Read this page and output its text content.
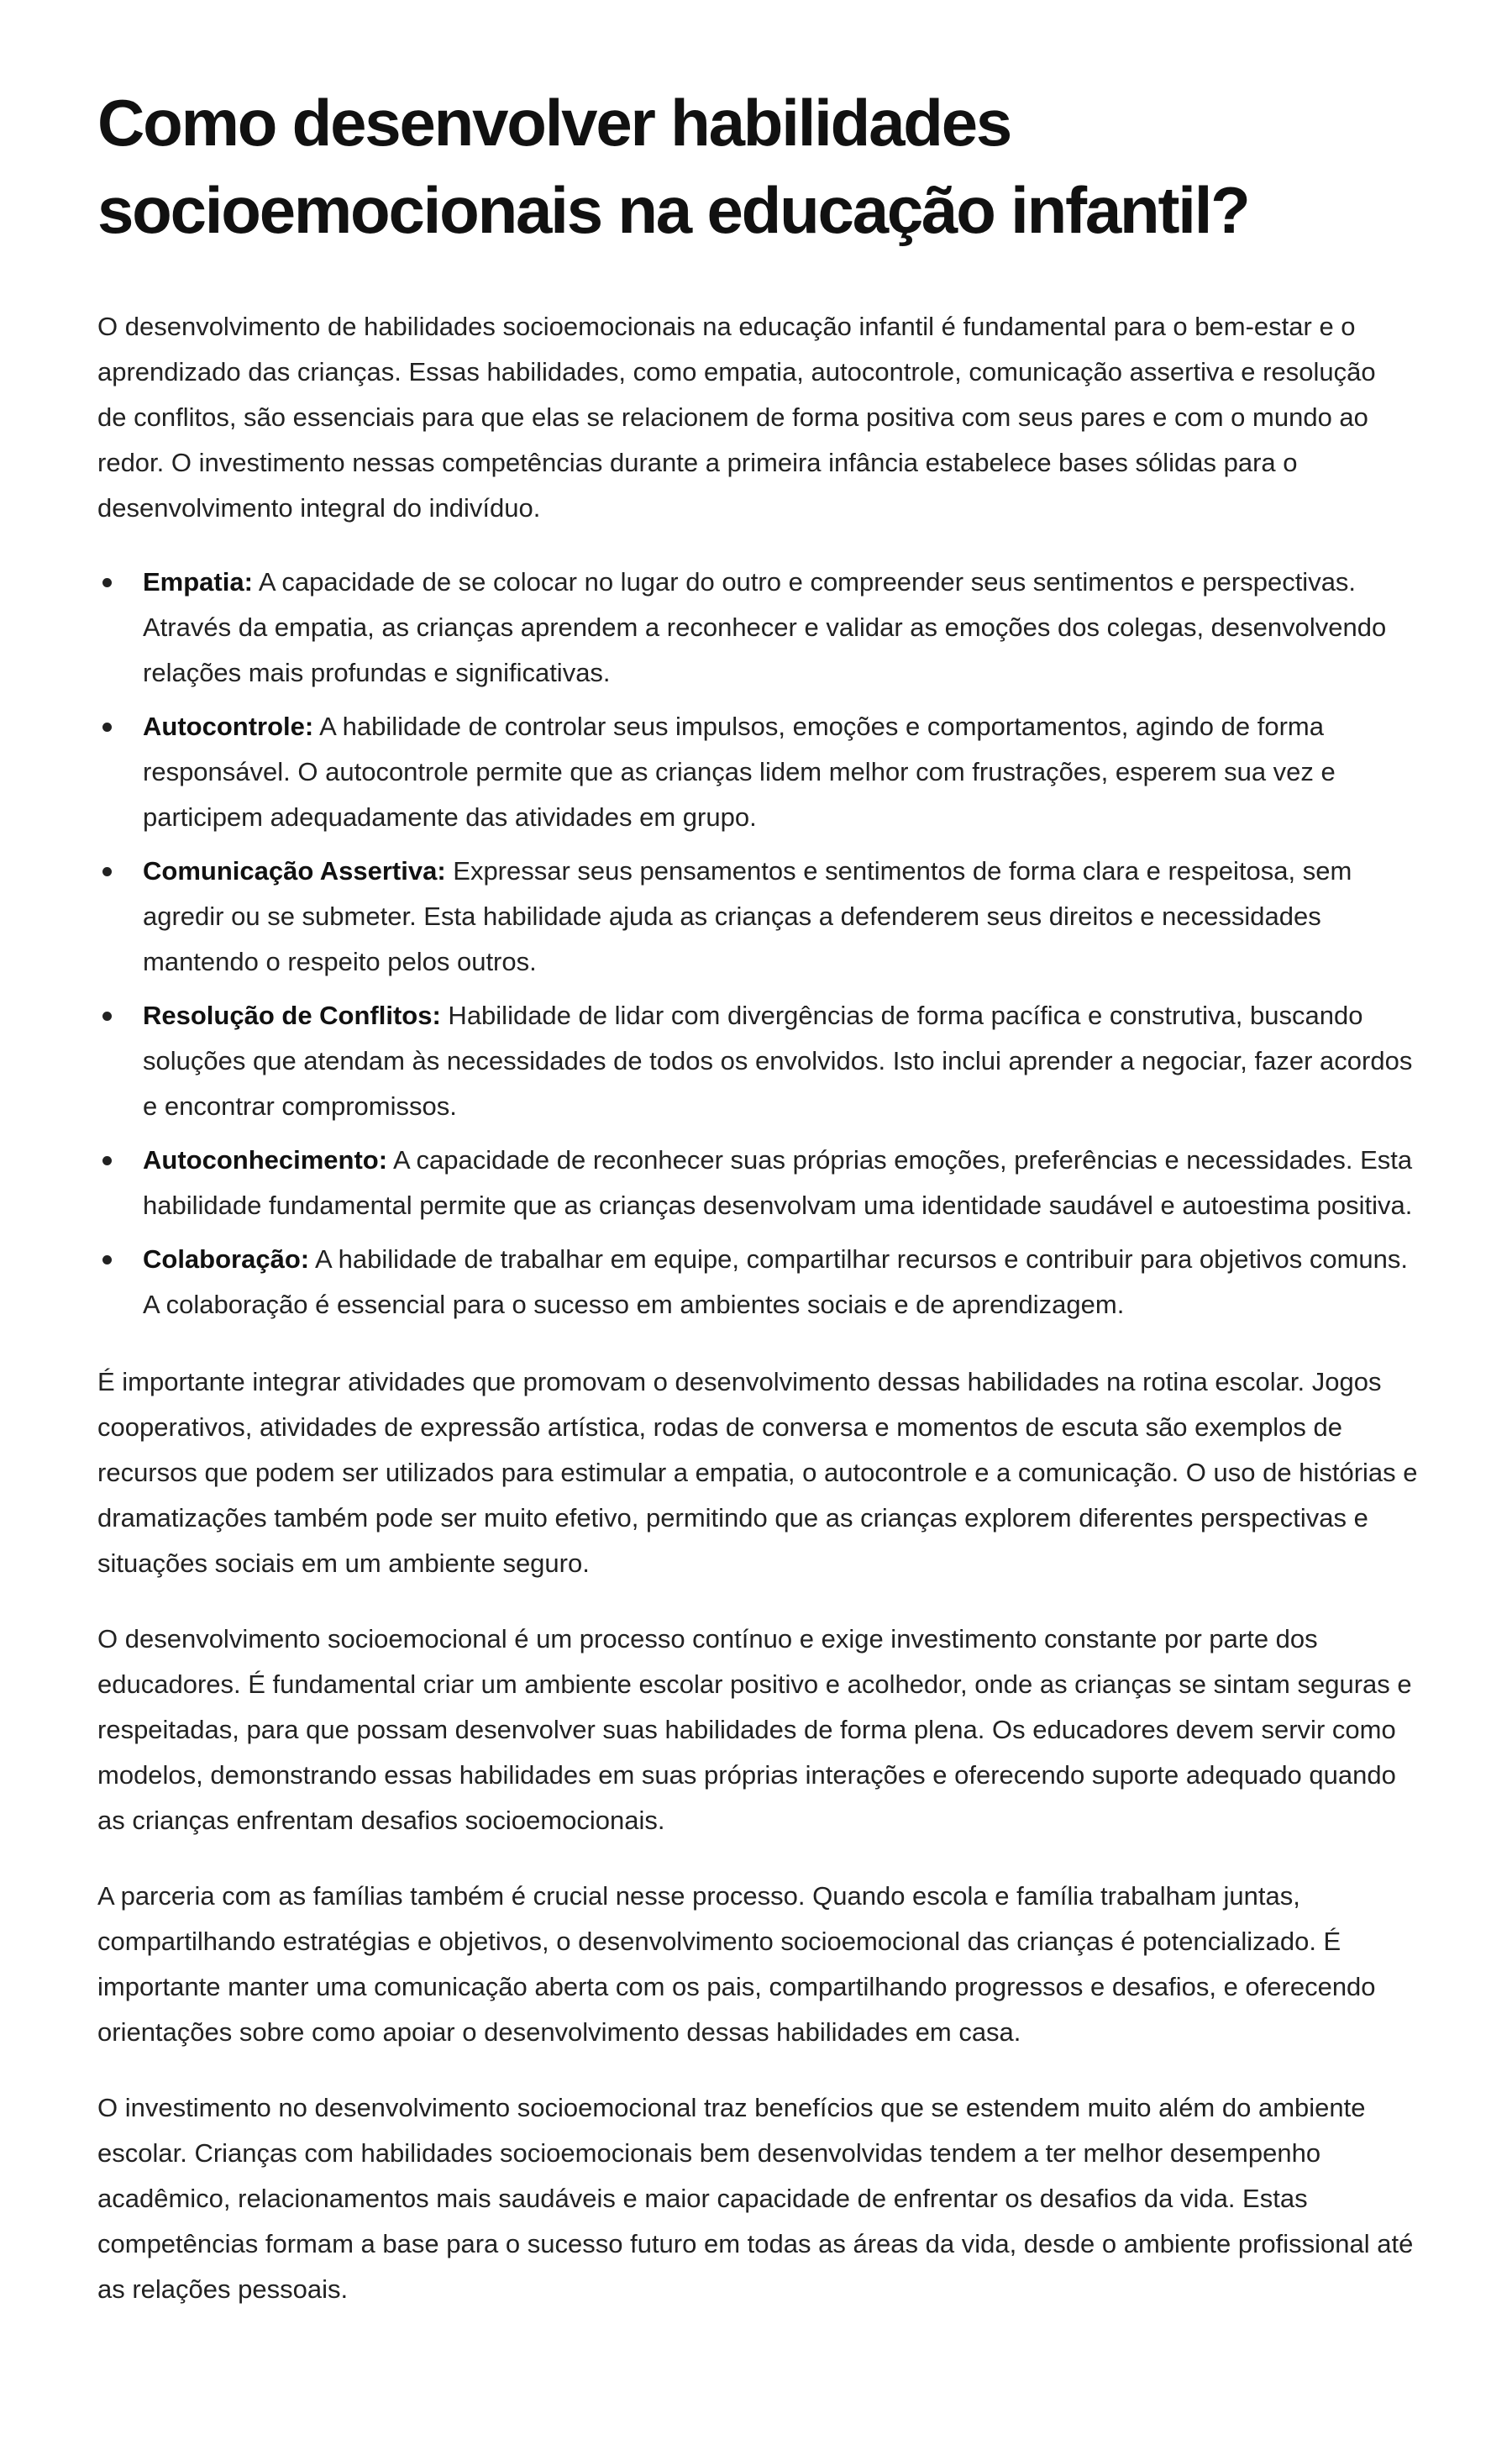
Como desenvolver habilidades socioemocionais na educação infantil?

O desenvolvimento de habilidades socioemocionais na educação infantil é fundamental para o bem-estar e o aprendizado das crianças. Essas habilidades, como empatia, autocontrole, comunicação assertiva e resolução de conflitos, são essenciais para que elas se relacionem de forma positiva com seus pares e com o mundo ao redor. O investimento nessas competências durante a primeira infância estabelece bases sólidas para o desenvolvimento integral do indivíduo.

Empatia: A capacidade de se colocar no lugar do outro e compreender seus sentimentos e perspectivas. Através da empatia, as crianças aprendem a reconhecer e validar as emoções dos colegas, desenvolvendo relações mais profundas e significativas.
Autocontrole: A habilidade de controlar seus impulsos, emoções e comportamentos, agindo de forma responsável. O autocontrole permite que as crianças lidem melhor com frustrações, esperem sua vez e participem adequadamente das atividades em grupo.
Comunicação Assertiva: Expressar seus pensamentos e sentimentos de forma clara e respeitosa, sem agredir ou se submeter. Esta habilidade ajuda as crianças a defenderem seus direitos e necessidades mantendo o respeito pelos outros.
Resolução de Conflitos: Habilidade de lidar com divergências de forma pacífica e construtiva, buscando soluções que atendam às necessidades de todos os envolvidos. Isto inclui aprender a negociar, fazer acordos e encontrar compromissos.
Autoconhecimento: A capacidade de reconhecer suas próprias emoções, preferências e necessidades. Esta habilidade fundamental permite que as crianças desenvolvam uma identidade saudável e autoestima positiva.
Colaboração: A habilidade de trabalhar em equipe, compartilhar recursos e contribuir para objetivos comuns. A colaboração é essencial para o sucesso em ambientes sociais e de aprendizagem.

É importante integrar atividades que promovam o desenvolvimento dessas habilidades na rotina escolar. Jogos cooperativos, atividades de expressão artística, rodas de conversa e momentos de escuta são exemplos de recursos que podem ser utilizados para estimular a empatia, o autocontrole e a comunicação. O uso de histórias e dramatizações também pode ser muito efetivo, permitindo que as crianças explorem diferentes perspectivas e situações sociais em um ambiente seguro.

O desenvolvimento socioemocional é um processo contínuo e exige investimento constante por parte dos educadores. É fundamental criar um ambiente escolar positivo e acolhedor, onde as crianças se sintam seguras e respeitadas, para que possam desenvolver suas habilidades de forma plena. Os educadores devem servir como modelos, demonstrando essas habilidades em suas próprias interações e oferecendo suporte adequado quando as crianças enfrentam desafios socioemocionais.

A parceria com as famílias também é crucial nesse processo. Quando escola e família trabalham juntas, compartilhando estratégias e objetivos, o desenvolvimento socioemocional das crianças é potencializado. É importante manter uma comunicação aberta com os pais, compartilhando progressos e desafios, e oferecendo orientações sobre como apoiar o desenvolvimento dessas habilidades em casa.

O investimento no desenvolvimento socioemocional traz benefícios que se estendem muito além do ambiente escolar. Crianças com habilidades socioemocionais bem desenvolvidas tendem a ter melhor desempenho acadêmico, relacionamentos mais saudáveis e maior capacidade de enfrentar os desafios da vida. Estas competências formam a base para o sucesso futuro em todas as áreas da vida, desde o ambiente profissional até as relações pessoais.
